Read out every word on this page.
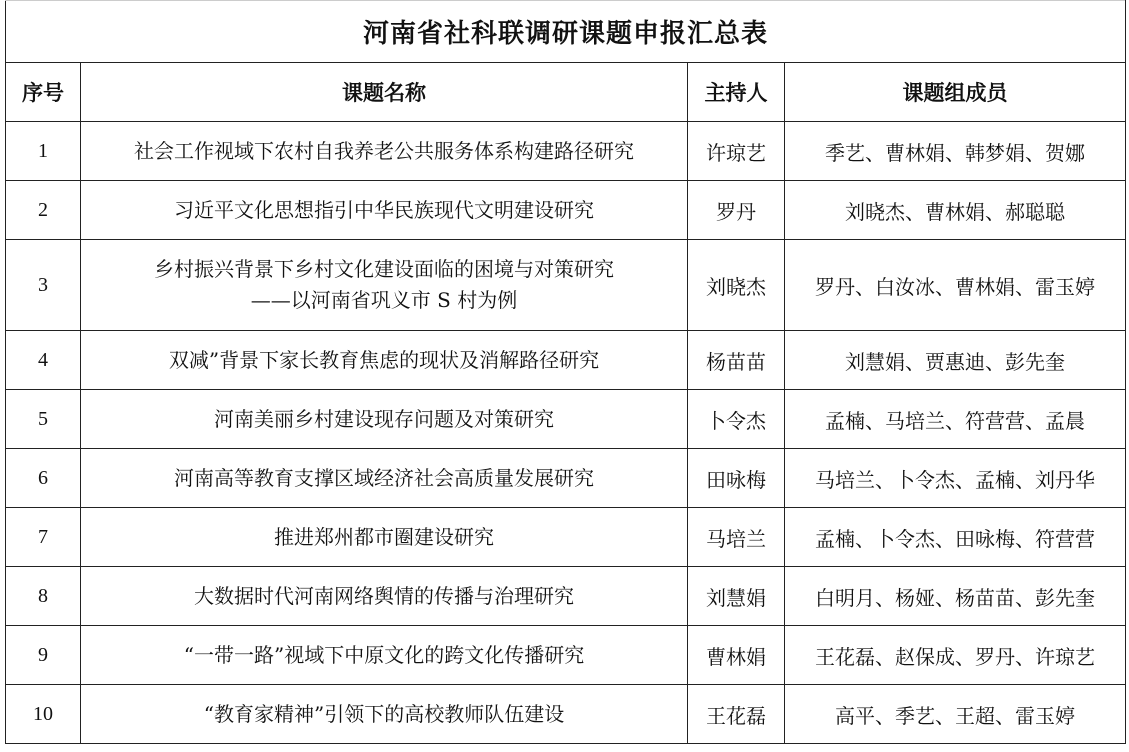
河南省社科联调研课题申报汇总表			
序号	课题名称	主持人	课题组成员
1	社会工作视域下农村自我养老公共服务体系构建路径研究	许琼艺	季艺、曹林娟、韩梦娟、贺娜
2	习近平文化思想指引中华民族现代文明建设研究	罗丹	刘晓杰、曹林娟、郝聪聪
3	乡村振兴背景下乡村文化建设面临的困境与对策研究
——以河南省巩义市 S 村为例	刘晓杰	罗丹、白汝冰、曹林娟、雷玉婷
4	双减”背景下家长教育焦虑的现状及消解路径研究	杨苗苗	刘慧娟、贾惠迪、彭先奎
5	河南美丽乡村建设现存问题及对策研究	卜令杰	孟楠、马培兰、符营营、孟晨
6	河南高等教育支撑区域经济社会高质量发展研究	田咏梅	马培兰、卜令杰、孟楠、刘丹华
7	推进郑州都市圈建设研究	马培兰	孟楠、卜令杰、田咏梅、符营营
8	大数据时代河南网络舆情的传播与治理研究	刘慧娟	白明月、杨娅、杨苗苗、彭先奎
9	“一带一路”视域下中原文化的跨文化传播研究	曹林娟	王花磊、赵保成、罗丹、许琼艺
10	“教育家精神”引领下的高校教师队伍建设	王花磊	高平、季艺、王超、雷玉婷
